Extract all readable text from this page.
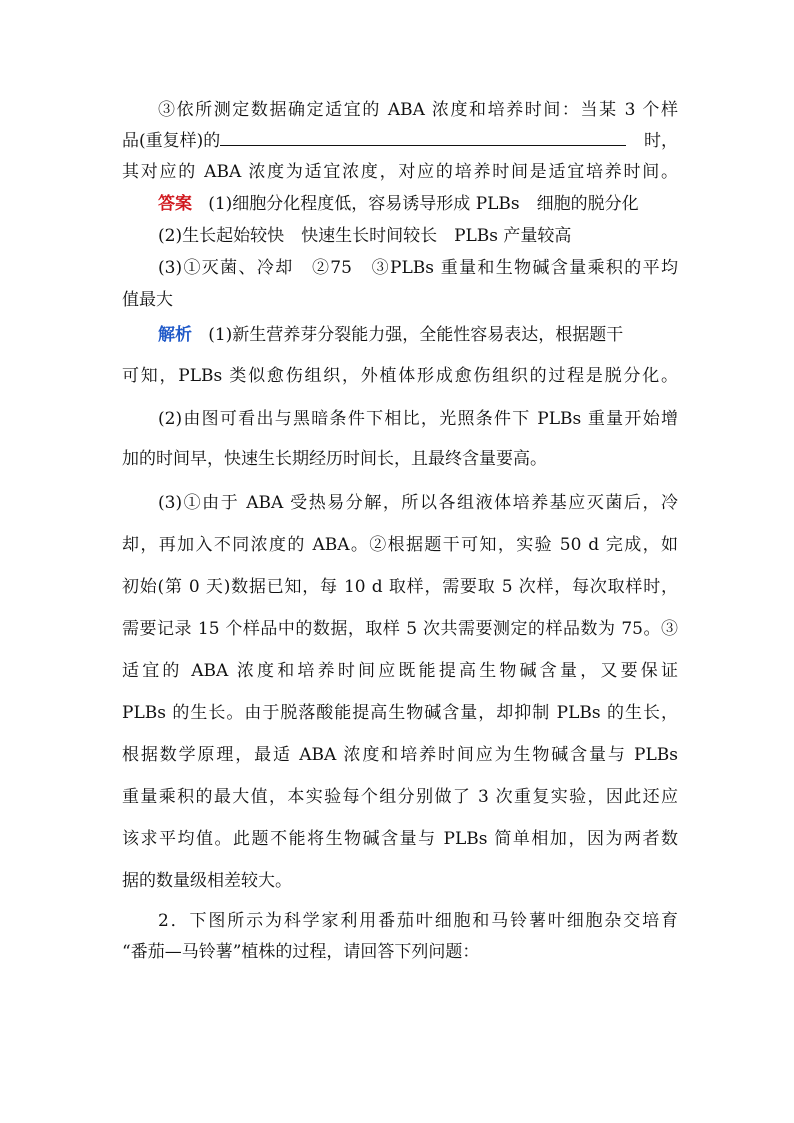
③依所测定数据确定适宜的 ABA 浓度和培养时间：当某 3 个样
品(重复样)的	时，
其对应的 ABA 浓度为适宜浓度，对应的培养时间是适宜培养时间。
答案 (1)细胞分化程度低，容易诱导形成 PLBs　细胞的脱分化
(2)生长起始较快　快速生长时间较长　PLBs 产量较高
(3)①灭菌、冷却　②75　③PLBs 重量和生物碱含量乘积的平均
值最大
解析 (1)新生营养芽分裂能力强，全能性容易表达，根据题干
可知，PLBs 类似愈伤组织，外植体形成愈伤组织的过程是脱分化。
(2)由图可看出与黑暗条件下相比，光照条件下 PLBs 重量开始增
加的时间早，快速生长期经历时间长，且最终含量要高。
(3)①由于 ABA 受热易分解，所以各组液体培养基应灭菌后，冷
却，再加入不同浓度的 ABA。②根据题干可知，实验 50 d 完成，如
初始(第 0 天)数据已知，每 10 d 取样，需要取 5 次样，每次取样时，
需要记录 15 个样品中的数据，取样 5 次共需要测定的样品数为 75。③
适宜的 ABA 浓度和培养时间应既能提高生物碱含量，又要保证
PLBs 的生长。由于脱落酸能提高生物碱含量，却抑制 PLBs 的生长，
根据数学原理，最适 ABA 浓度和培养时间应为生物碱含量与 PLBs
重量乘积的最大值，本实验每个组分别做了 3 次重复实验，因此还应
该求平均值。此题不能将生物碱含量与 PLBs 简单相加，因为两者数
据的数量级相差较大。
2．下图所示为科学家利用番茄叶细胞和马铃薯叶细胞杂交培育
“番茄—马铃薯”植株的过程，请回答下列问题：
